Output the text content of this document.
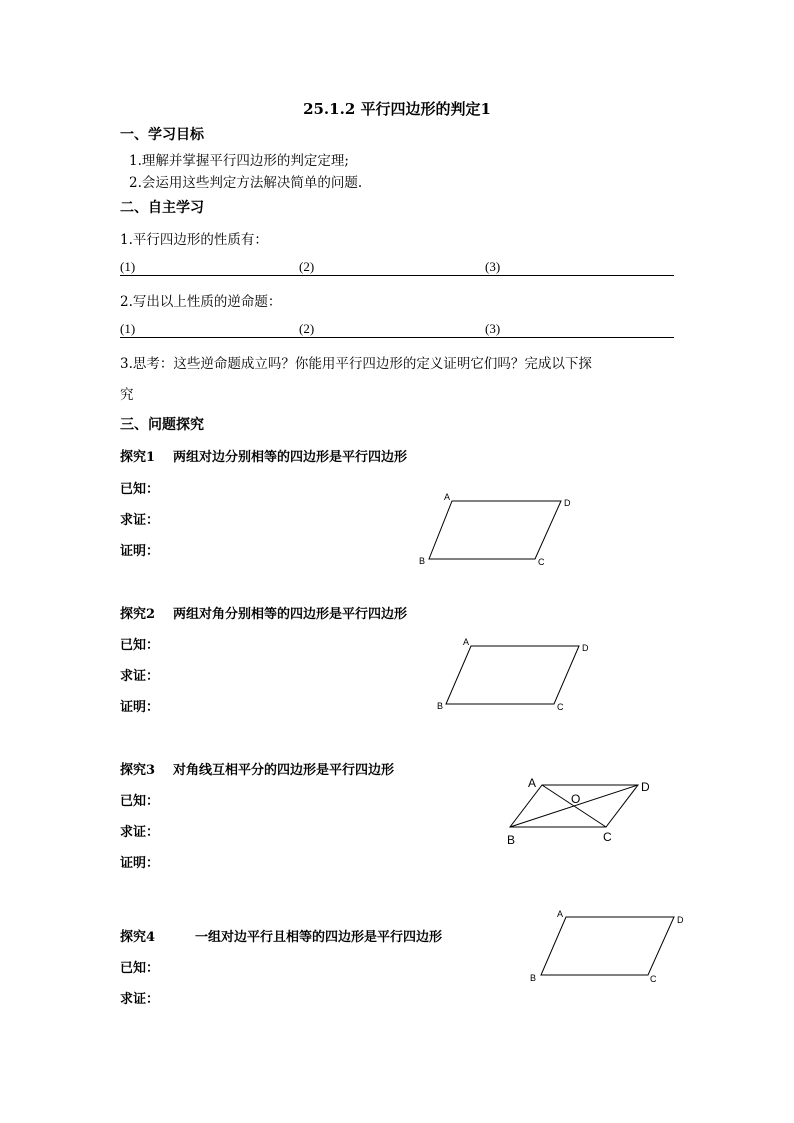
25.1.2 平行四边形的判定1
一、学习目标
1.理解并掌握平行四边形的判定定理;
2.会运用这些判定方法解决简单的问题.
二、自主学习
1.平行四边形的性质有：
(1)	(2)	(3)
2.写出以上性质的逆命题：
(1)	(2)	(3)
3.思考：这些逆命题成立吗？你能用平行四边形的定义证明它们吗？完成以下探
究
三、问题探究
探究1 两组对边分别相等的四边形是平行四边形
已知：
求证：
证明：
A
D
B	C
探究2 两组对角分别相等的四边形是平行四边形
已知：
求证：
证明：
A
D
B	C
探究3 对角线互相平分的四边形是平行四边形
已知：
求证：
证明：
A	D
B	C
O
探究4	一组对边平行且相等的四边形是平行四边形
已知：
求证：
A
D
B	C
